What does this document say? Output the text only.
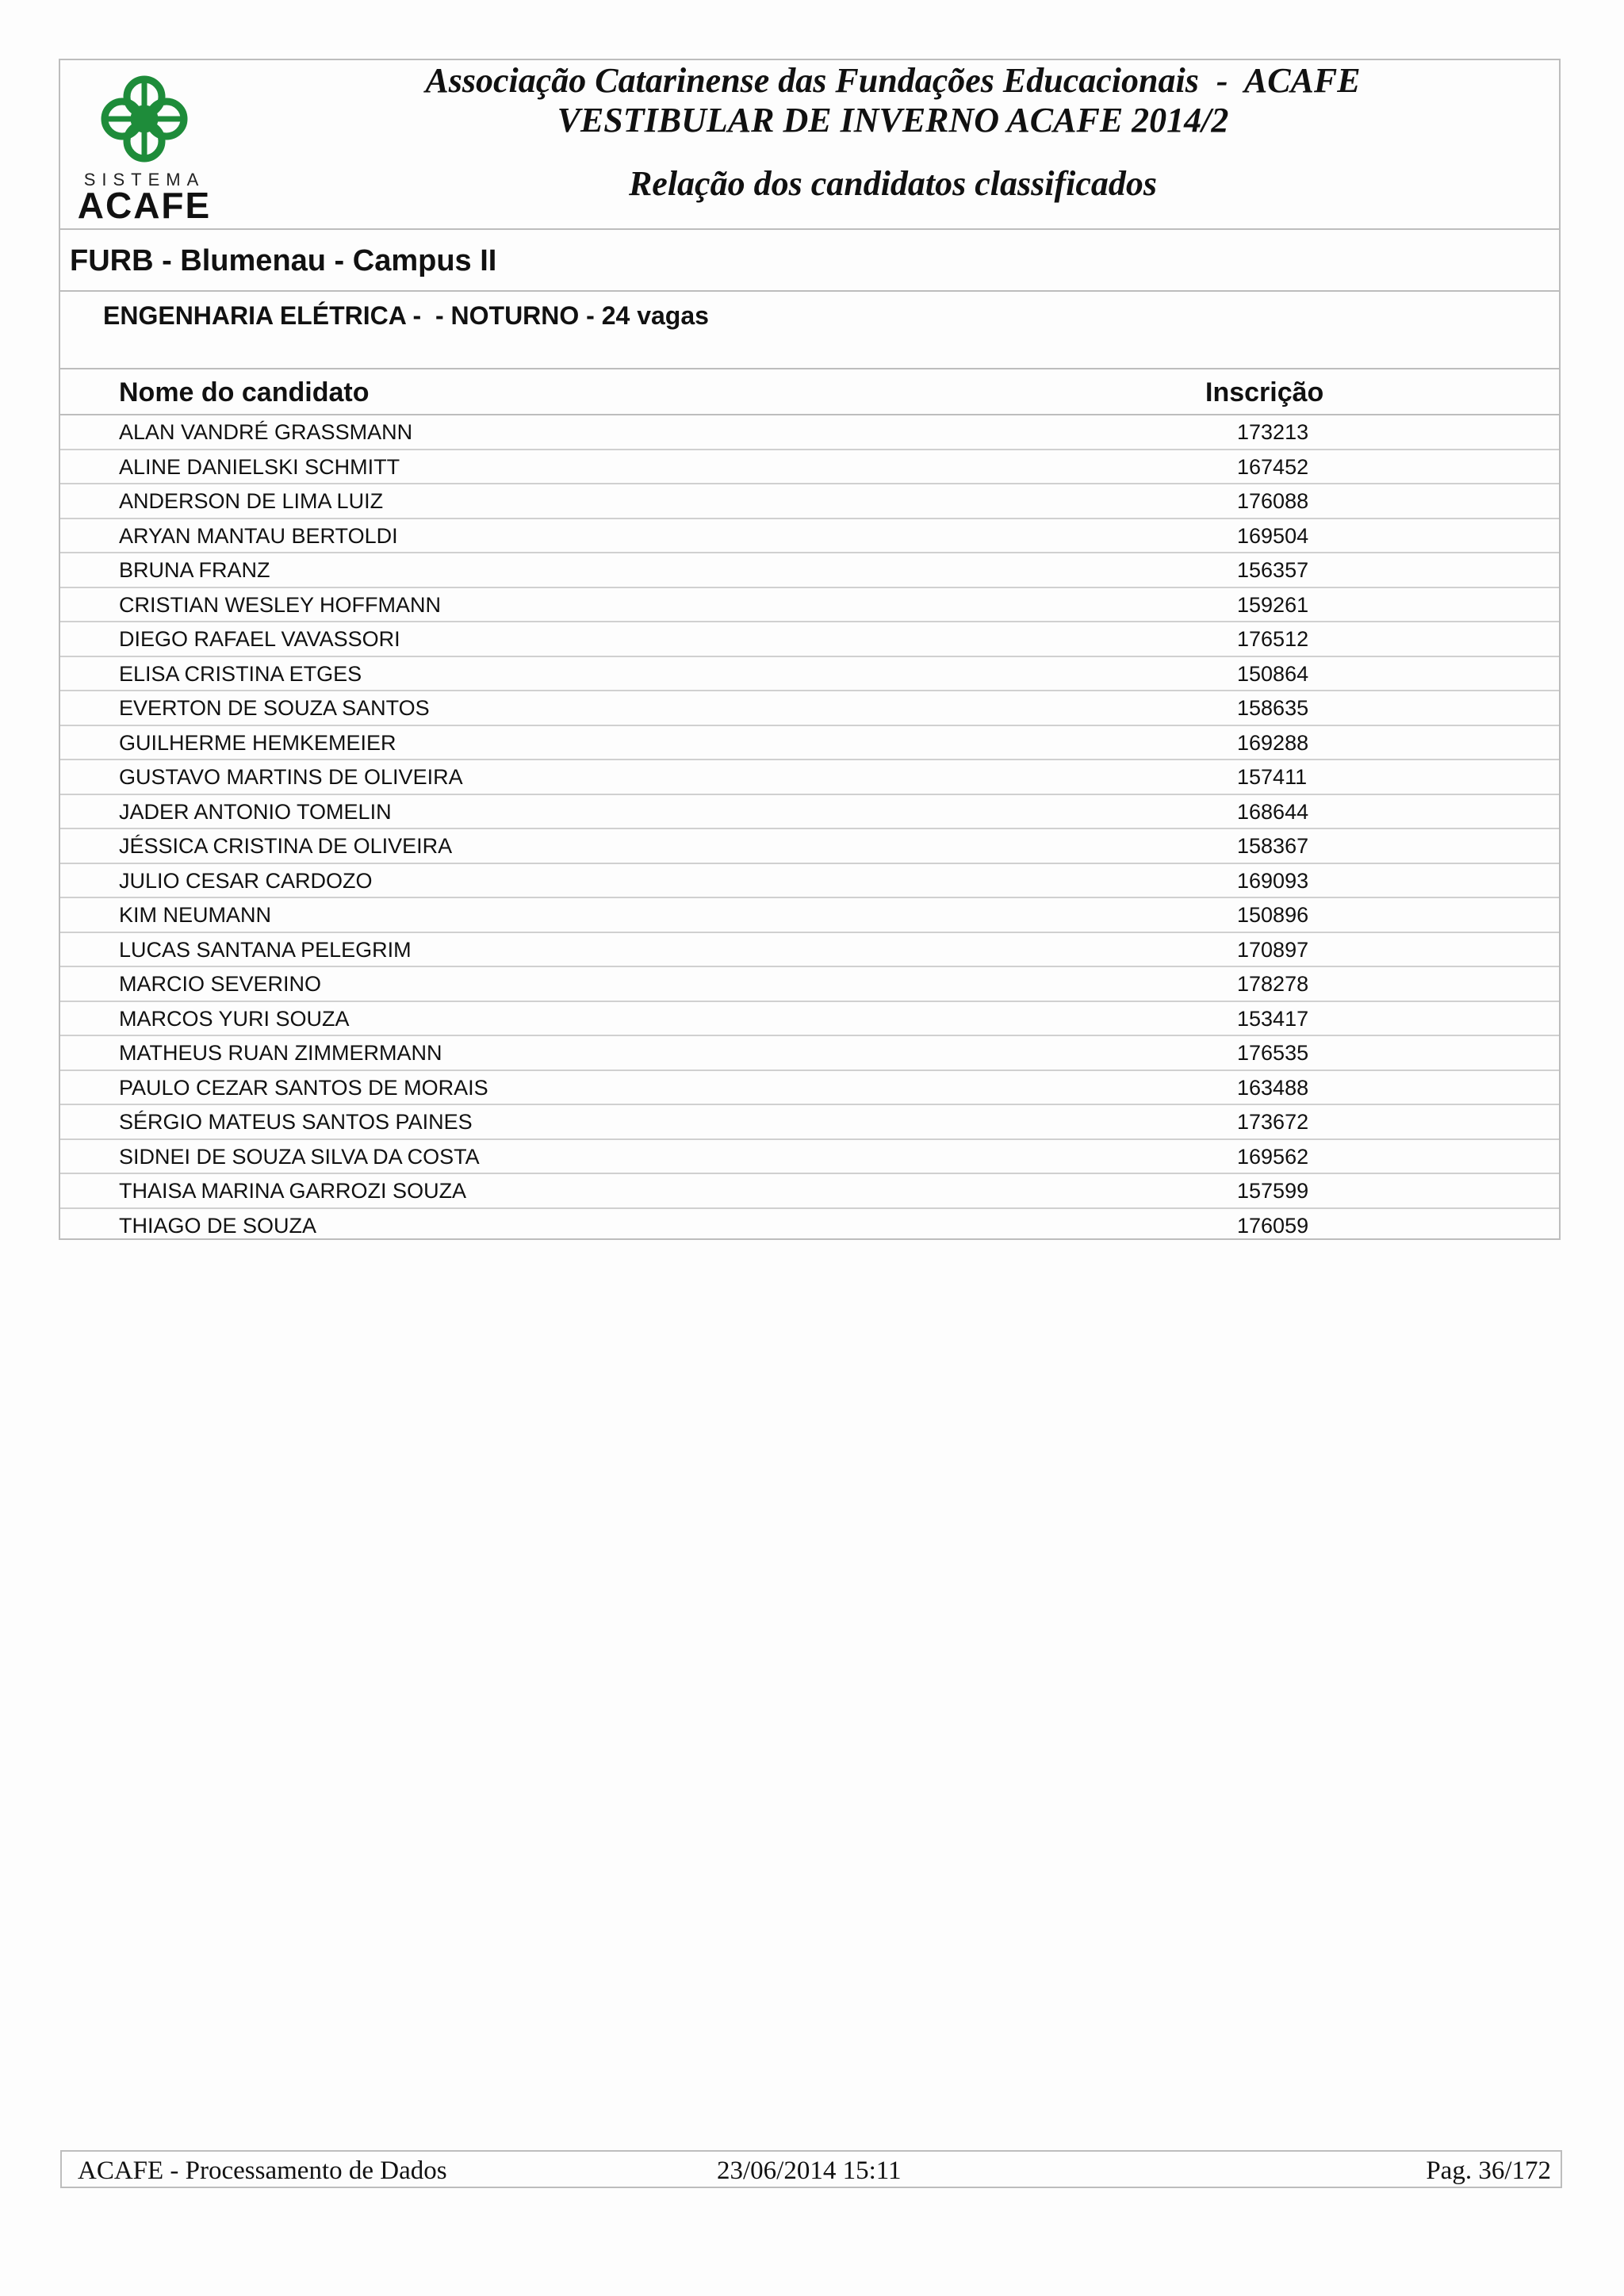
SISTEMA
ACAFE
Associação Catarinense das Fundações Educacionais  -  ACAFE
VESTIBULAR DE INVERNO ACAFE 2014/2
Relação dos candidatos classificados
FURB - Blumenau - Campus II
ENGENHARIA ELÉTRICA -  - NOTURNO - 24 vagas
Nome do candidato	Inscrição
ALAN VANDRÉ GRASSMANN	173213
ALINE DANIELSKI SCHMITT	167452
ANDERSON DE LIMA LUIZ	176088
ARYAN MANTAU BERTOLDI	169504
BRUNA FRANZ	156357
CRISTIAN WESLEY HOFFMANN	159261
DIEGO RAFAEL VAVASSORI	176512
ELISA CRISTINA ETGES	150864
EVERTON DE SOUZA SANTOS	158635
GUILHERME HEMKEMEIER	169288
GUSTAVO MARTINS DE OLIVEIRA	157411
JADER ANTONIO TOMELIN	168644
JÉSSICA CRISTINA DE OLIVEIRA	158367
JULIO CESAR CARDOZO	169093
KIM NEUMANN	150896
LUCAS SANTANA PELEGRIM	170897
MARCIO SEVERINO	178278
MARCOS YURI SOUZA	153417
MATHEUS RUAN ZIMMERMANN	176535
PAULO CEZAR SANTOS DE MORAIS	163488
SÉRGIO MATEUS SANTOS PAINES	173672
SIDNEI DE SOUZA SILVA DA COSTA	169562
THAISA MARINA GARROZI SOUZA	157599
THIAGO DE SOUZA	176059
ACAFE - Processamento de Dados	23/06/2014 15:11	Pag. 36/172
